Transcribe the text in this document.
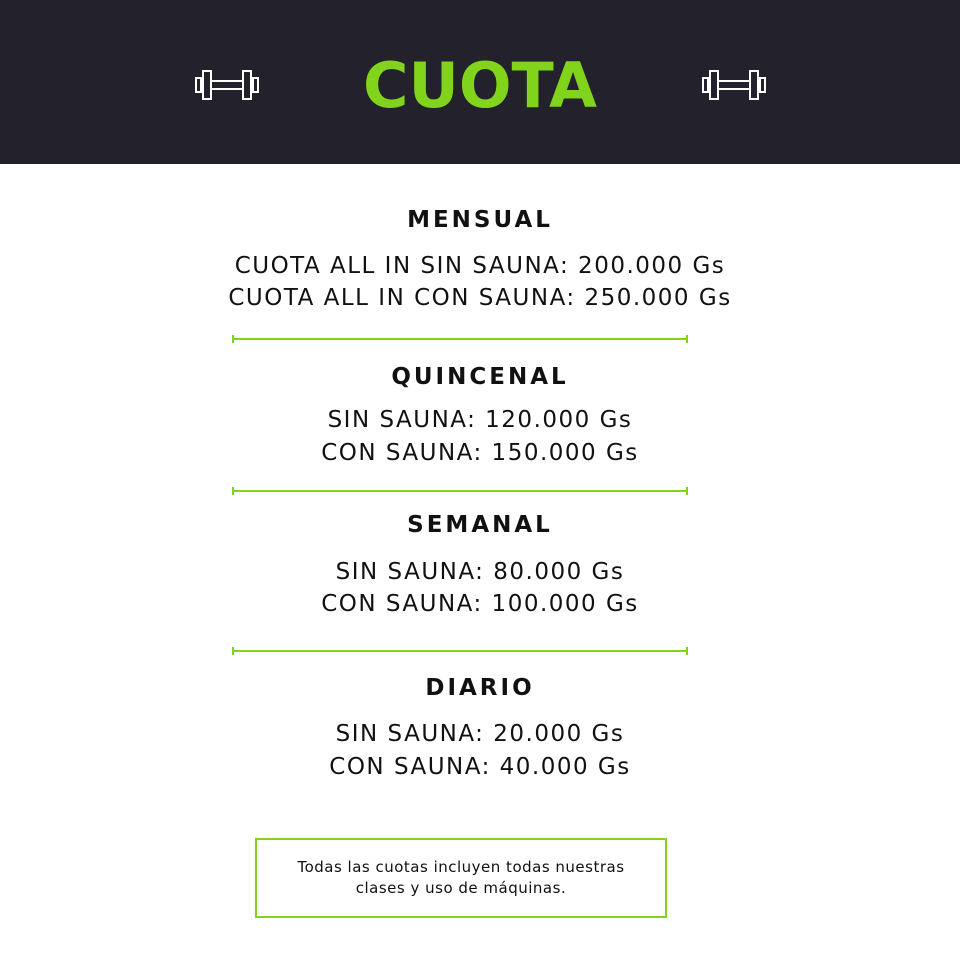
CUOTA
MENSUAL
CUOTA ALL IN SIN SAUNA: 200.000 Gs
CUOTA ALL IN CON SAUNA: 250.000 Gs
QUINCENAL
SIN SAUNA: 120.000 Gs
CON SAUNA: 150.000 Gs
SEMANAL
SIN SAUNA: 80.000 Gs
CON SAUNA: 100.000 Gs
DIARIO
SIN SAUNA: 20.000 Gs
CON SAUNA: 40.000 Gs
Todas las cuotas incluyen todas nuestras
clases y uso de máquinas.
